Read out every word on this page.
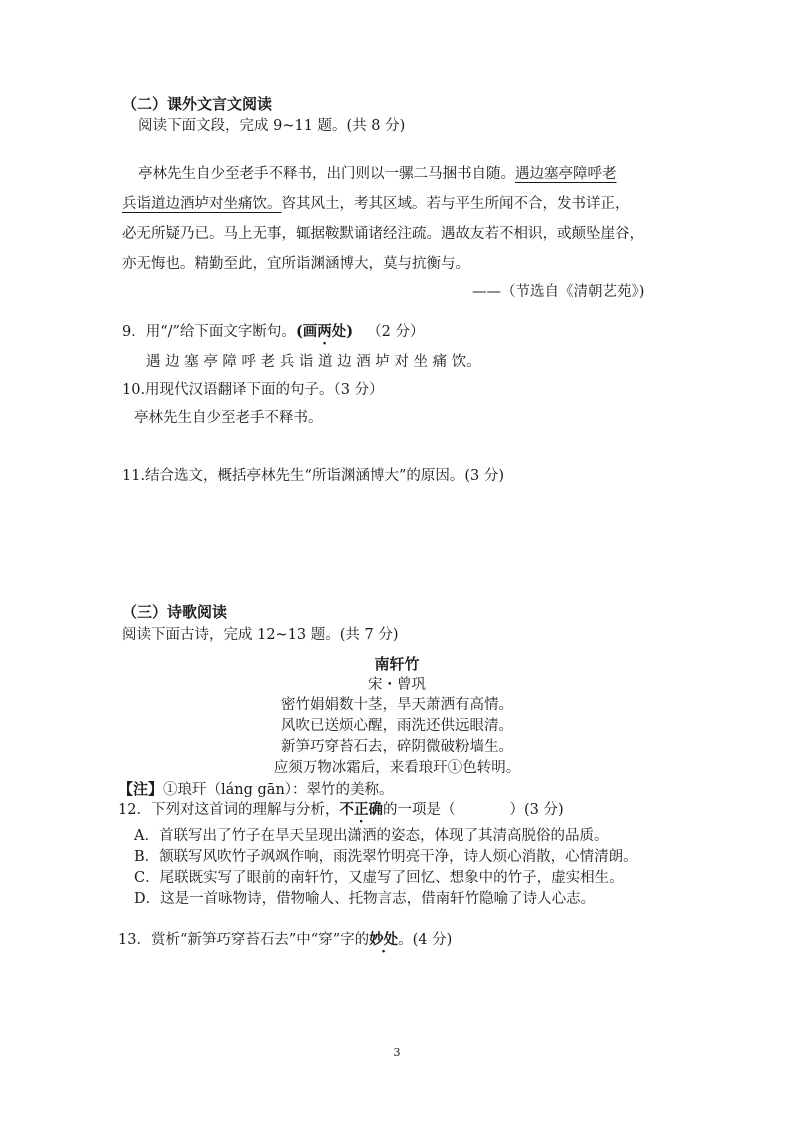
（二）课外文言文阅读
阅读下面文段，完成 9~11 题。(共 8 分)
亭林先生自少至老手不释书，出门则以一骡二马捆书自随。遇边塞亭障呼老
兵诣道边酒垆对坐痛饮。咨其风土，考其区域。若与平生所闻不合，发书详正，
必无所疑乃已。马上无事，辄据鞍默诵诸经注疏。遇故友若不相识，或颠坠崖谷，
亦无悔也。精勤至此，宜所诣渊涵博大，莫与抗衡与。
——（节选自《清朝艺苑》)
9．用“/”给下面文字断句。(画两处) · （2 分）
遇 边 塞 亭 障 呼 老 兵 诣 道 边 酒 垆 对 坐 痛 饮。
10.用现代汉语翻译下面的句子。（3 分）
亭林先生自少至老手不释书。
11.结合选文，概括亭林先生“所诣渊涵博大”的原因。(3 分)
（三）诗歌阅读
阅读下面古诗，完成 12~13 题。(共 7 分)
南轩竹
宋・曾巩
密竹娟娟数十茎，旱天萧洒有高情。
风吹已送烦心醒，雨洗还供远眼清。
新笋巧穿苔石去，碎阴微破粉墙生。
应须万物冰霜后，来看琅玕①色转明。
【注】①琅玕（láng gān）：翠竹的美称。
12．下列对这首词的理解与分析，不正确的一项是（	）(3 分)
A．首联写出了竹子在旱天呈现出潇洒的姿态，体现了其清高脱俗的品质。
B．颔联写风吹竹子飒飒作响，雨洗翠竹明亮干净，诗人烦心消散，心情清朗。
C．尾联既实写了眼前的南轩竹，又虚写了回忆、想象中的竹子，虚实相生。
D．这是一首咏物诗，借物喻人、托物言志，借南轩竹隐喻了诗人心志。
13．赏析“新笋巧穿苔石去”中“穿”字的妙处。(4 分)
3
